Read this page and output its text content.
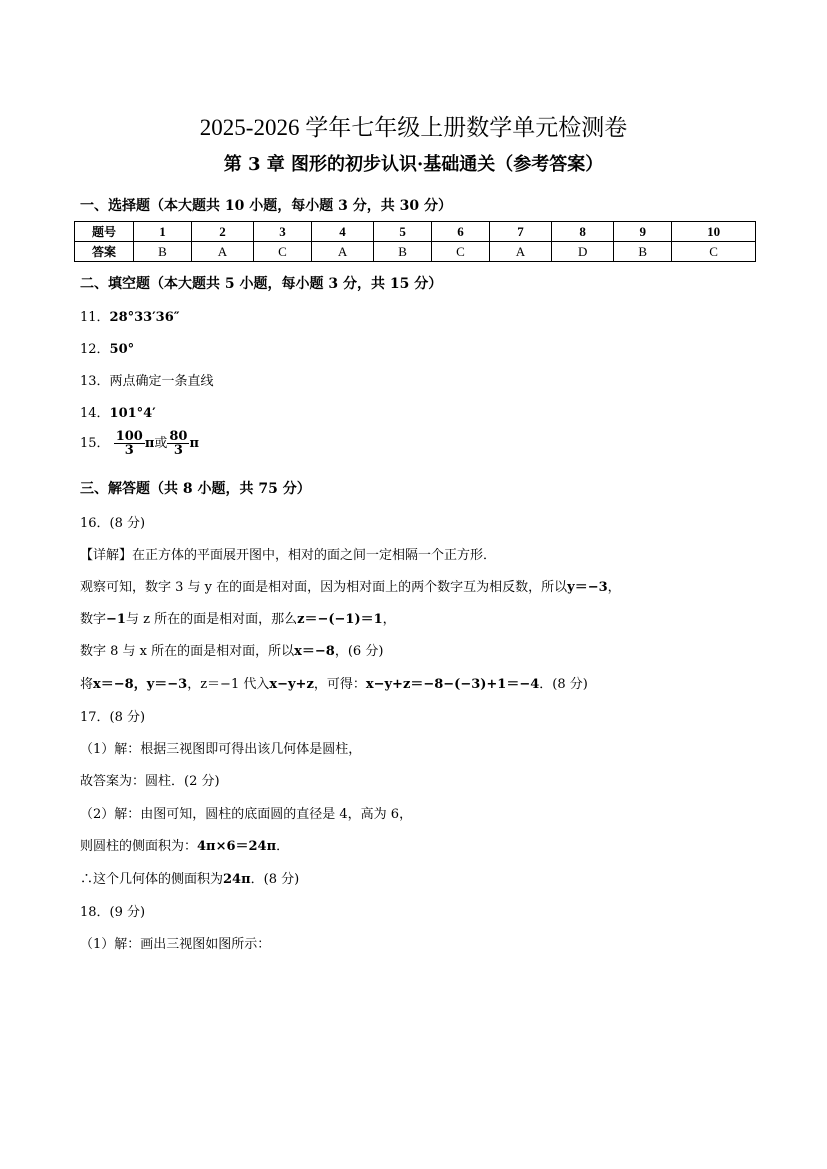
2025-2026 学年七年级上册数学单元检测卷
第 3 章 图形的初步认识·基础通关（参考答案）
一、选择题（本大题共 10 小题，每小题 3 分，共 30 分）
题号	1	2	3	4	5	6	7	8	9	10
答案	B	A	C	A	B	C	A	D	B	C
二、填空题（本大题共 5 小题，每小题 3 分，共 15 分）
11．28°33′36″
12．50°
13．两点确定一条直线
14．101°4′
15． $\frac{100}{3}$ π或 $\frac{80}{3}$ π
三、解答题（共 8 小题，共 75 分）
16．(8 分)
【详解】在正方体的平面展开图中，相对的面之间一定相隔一个正方形．
观察可知，数字 3 与 y 在的面是相对面，因为相对面上的两个数字互为相反数，所以y＝−3，
数字−1与 z 所在的面是相对面，那么z＝−(−1)＝1，
数字 8 与 x 所在的面是相对面，所以x＝−8，(6 分)
将x＝−8，y＝−3，z＝−1 代入x−y+z，可得：x−y+z＝−8−(−3)+1＝−4．(8 分)
17．(8 分)
（1）解：根据三视图即可得出该几何体是圆柱，
故答案为：圆柱．(2 分)
（2）解：由图可知，圆柱的底面圆的直径是 4，高为 6，
则圆柱的侧面积为：4π×6＝24π．
∴这个几何体的侧面积为24π．(8 分)
18．(9 分)
（1）解：画出三视图如图所示：
